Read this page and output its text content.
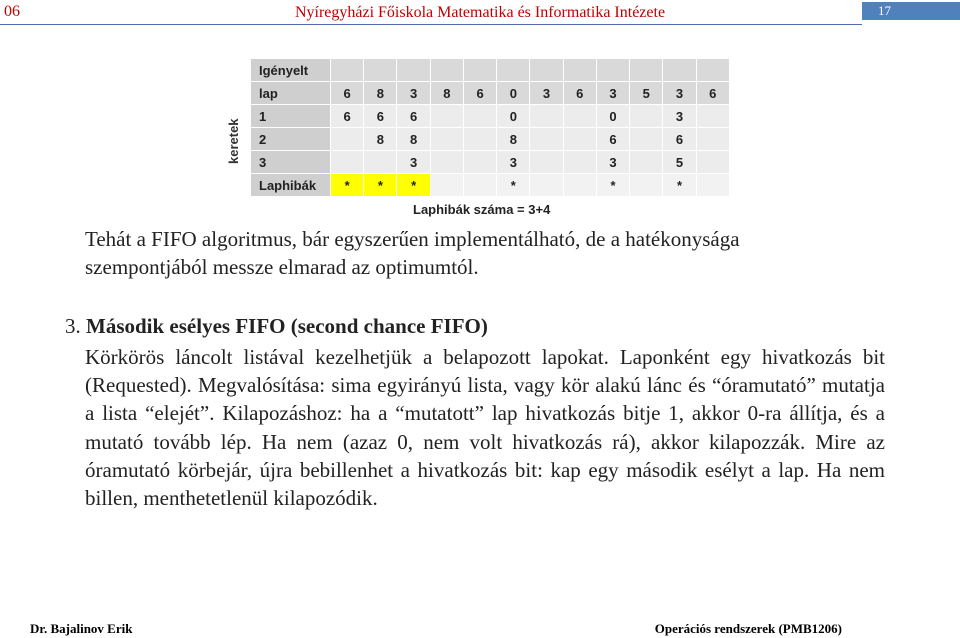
06	Nyíregyházi Főiskola Matematika és Informatika Intézete	17
keretek
Igényelt												
lap	6	8	3	8	6	0	3	6	3	5	3	6
1	6	6	6			0			0		3	
2		8	8			8			6		6	
3			3			3			3		5	
Laphibák	*	*	*			*			*		*	
Laphibák száma = 3+4
Tehát a FIFO algoritmus, bár egyszerűen implementálható, de a hatékonysága szempontjából messze elmarad az optimumtól.
3. Második esélyes FIFO (second chance FIFO)
Körkörös láncolt listával kezelhetjük a belapozott lapokat. Laponként egy hivatkozás bit (Requested). Megvalósítása: sima egyirányú lista, vagy kör alakú lánc és “óramutató” mutatja a lista “elejét”. Kilapozáshoz: ha a “mutatott” lap hivatkozás bitje 1, akkor 0-ra állítja, és a mutató tovább lép. Ha nem (azaz 0, nem volt hivatkozás rá), akkor kilapozzák. Mire az óramutató körbejár, újra bebillenhet a hivatkozás bit: kap egy második esélyt a lap. Ha nem billen, menthetetlenül kilapozódik.
Dr. Bajalinov Erik	Operációs rendszerek (PMB1206)
